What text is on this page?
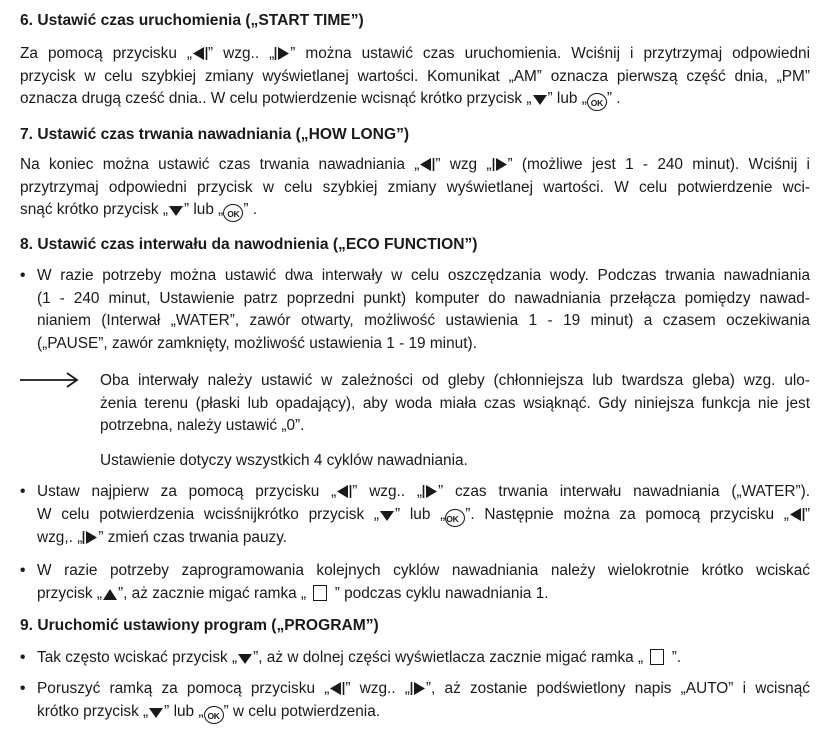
6. Ustawić czas uruchomienia („START TIME”)
Za pomocą przycisku „ ” wzg.. „ ” można ustawić czas uruchomienia. Wciśnij i przytrzymaj odpowiedni
przycisk w celu szybkiej zmiany wyświetlanej wartości. Komunikat „AM” oznacza pierwszą część dnia, „PM”
oznacza drugą cześć dnia.. W celu potwierdzenie wcisnąć krótko przycisk „ ” lub „ OK ” .
7. Ustawić czas trwania nawadniania („HOW LONG”)
Na koniec można ustawić czas trwania nawadniania „ ” wzg „ ” (możliwe jest 1 - 240 minut). Wciśnij i
przytrzymaj odpowiedni przycisk w celu szybkiej zmiany wyświetlanej wartości. W celu potwierdzenie wci-
snąć krótko przycisk „ ” lub „ OK ” .
8. Ustawić czas interwału da nawodnienia („ECO FUNCTION”)
• W razie potrzeby można ustawić dwa interwały w celu oszczędzania wody. Podczas trwania nawadniania
(1 - 240 minut, Ustawienie patrz poprzedni punkt) komputer do nawadniania przełącza pomiędzy nawad-
nianiem (Interwał „WATER”, zawór otwarty, możliwość ustawienia 1 - 19 minut) a czasem oczekiwania
(„PAUSE”, zawór zamknięty, możliwość ustawienia 1 - 19 minut).
Oba interwały należy ustawić w zależności od gleby (chłonniejsza lub twardsza gleba) wzg. ulo-
żenia terenu (płaski lub opadający), aby woda miała czas wsiąknąć. Gdy niniejsza funkcja nie jest
potrzebna, należy ustawić „0”.
Ustawienie dotyczy wszystkich 4 cyklów nawadniania.
• Ustaw najpierw za pomocą przycisku „ ” wzg.. „ ” czas trwania interwału nawadniania („WATER”).
W celu potwierdzenia wcisśnijkrótko przycisk „ ” lub „OK ”. Następnie można za pomocą przycisku „ ”
wzg,. „ ” zmień czas trwania pauzy.
• W razie potrzeby zaprogramowania kolejnych cyklów nawadniania należy wielokrotnie krótko wciskać
przycisk „ ”, aż zacznie migać ramka „  ” podczas cyklu nawadniania 1.
9. Uruchomić ustawiony program („PROGRAM”)
• Tak często wciskać przycisk „ ”, aż w dolnej części wyświetlacza zacznie migać ramka „  ”.
• Poruszyć ramką za pomocą przycisku „ ” wzg.. „ ”, aż zostanie podświetlony napis „AUTO” i wcisnąć
krótko przycisk „ ” lub „ OK ” w celu potwierdzenia.
